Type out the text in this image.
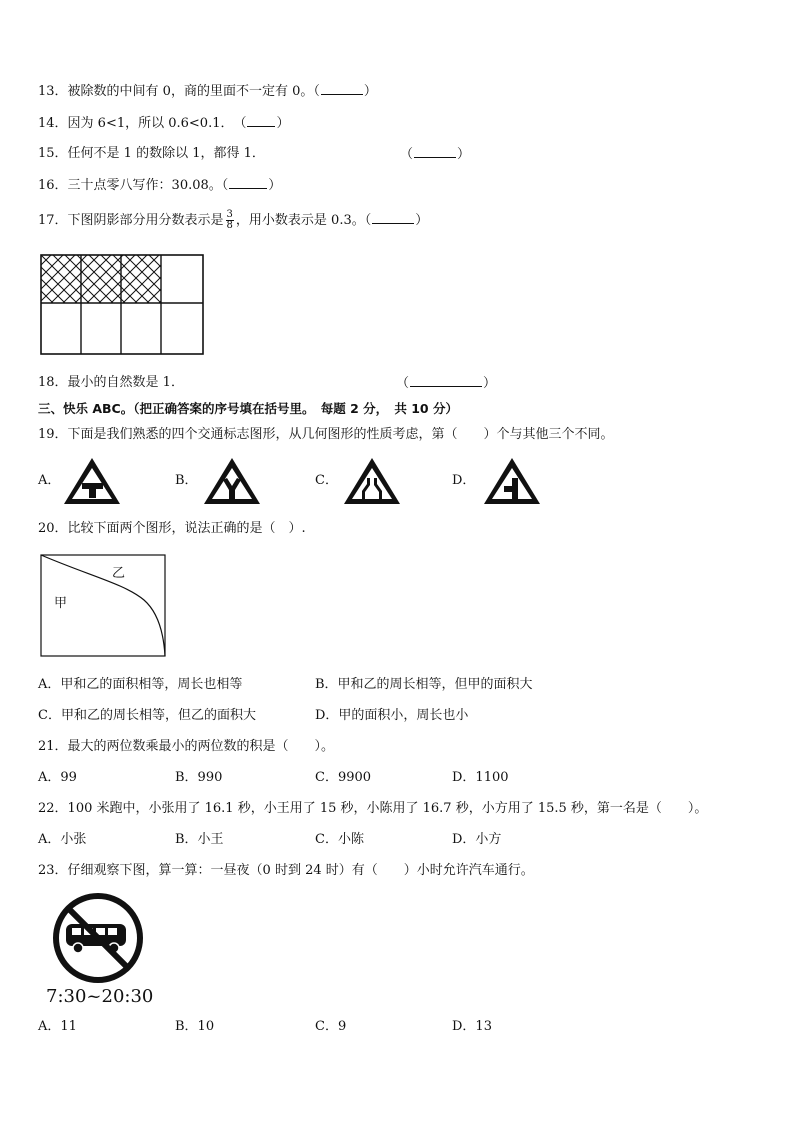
13．被除数的中间有 0，商的里面不一定有 0。（	）
14．因为 6<1，所以 0.6<0.1．　（ ）
15．任何不是 1 的数除以 1，都得 1．	（	）
16．三十点零八写作：30.08。（	）
17．下图阴影部分用分数表示是 $\frac{3}{8}$ ，用小数表示是 0.3。（	）
18．最小的自然数是 1．	（	）
三、快乐 ABC。（把正确答案的序号填在括号里。　每题 2 分，　共 10 分）
19．下面是我们熟悉的四个交通标志图形，从几何图形的性质考虑，第（　　）个与其他三个不同。
A．	B．	C．	D．
20．比较下面两个图形，说法正确的是（　）.
乙
甲
A．甲和乙的面积相等，周长也相等	B．甲和乙的周长相等，但甲的面积大
C．甲和乙的周长相等，但乙的面积大	D．甲的面积小，周长也小
21．最大的两位数乘最小的两位数的积是（　　）。
A．99	B．990	C．9900	D．1100
22．100 米跑中，小张用了 16.1 秒，小王用了 15 秒，小陈用了 16.7 秒，小方用了 15.5 秒，第一名是（　　）。
A．小张	B．小王	C．小陈	D．小方
23．仔细观察下图，算一算：一昼夜（0 时到 24 时）有（　　）小时允许汽车通行。
7:30~20:30
A．11	B．10	C．9	D．13
